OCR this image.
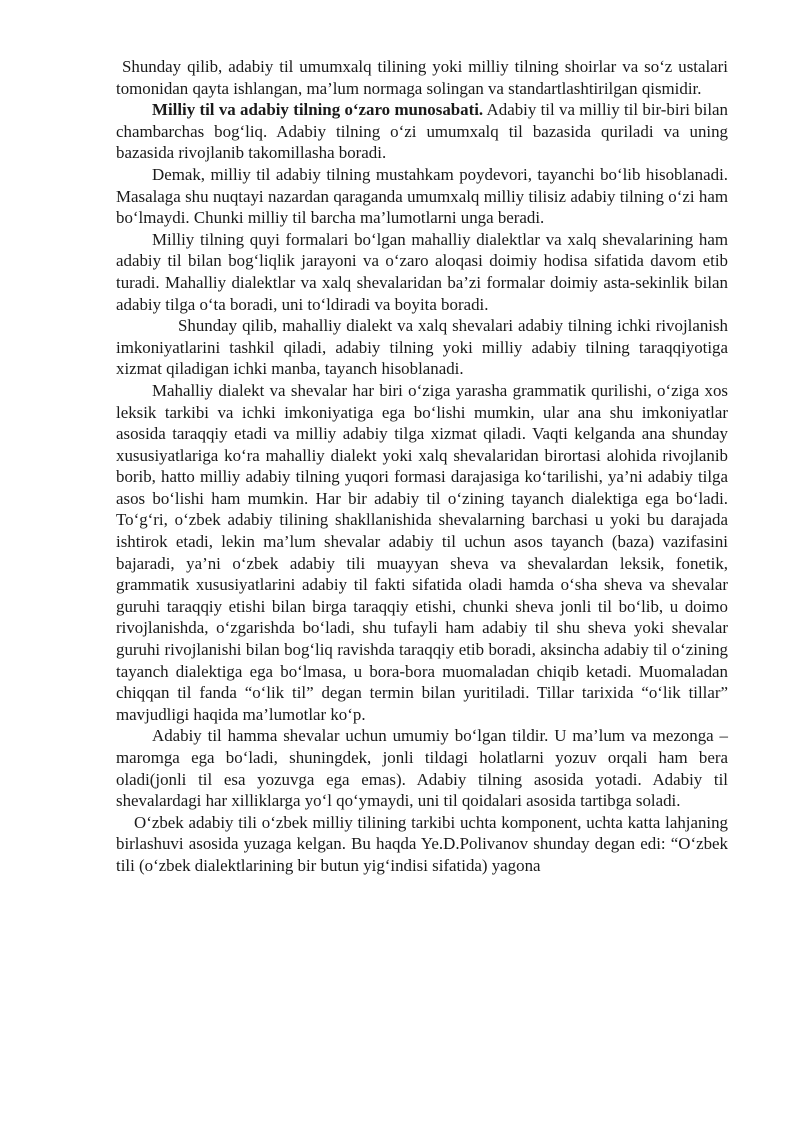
Shunday qilib, adabiy til umumxalq tilining yoki milliy tilning shoirlar va so‘z ustalari tomonidan qayta ishlangan, ma’lum normaga solingan va standartlashtirilgan qismidir.

Milliy til va adabiy tilning o‘zaro munosabati. Adabiy til va milliy til bir-biri bilan chambarchas bog‘liq. Adabiy tilning o‘zi umumxalq til bazasida quriladi va uning bazasida rivojlanib takomillasha boradi.

Demak, milliy til adabiy tilning mustahkam poydevori, tayanchi bo‘lib hisoblanadi. Masalaga shu nuqtayi nazardan qaraganda umumxalq milliy tilisiz adabiy tilning o‘zi ham bo‘lmaydi. Chunki milliy til barcha ma’lumotlarni unga beradi.

Milliy tilning quyi formalari bo‘lgan mahalliy dialektlar va xalq shevalarining ham adabiy til bilan bog‘liqlik jarayoni va o‘zaro aloqasi doimiy hodisa sifatida davom etib turadi. Mahalliy dialektlar va xalq shevalaridan ba’zi formalar doimiy asta-sekinlik bilan adabiy tilga o‘ta boradi, uni to‘ldiradi va boyita boradi.

Shunday qilib, mahalliy dialekt va xalq shevalari adabiy tilning ichki rivojlanish imkoniyatlarini tashkil qiladi, adabiy tilning yoki milliy adabiy tilning taraqqiyotiga xizmat qiladigan ichki manba, tayanch hisoblanadi.

Mahalliy dialekt va shevalar har biri o‘ziga yarasha grammatik qurilishi, o‘ziga xos leksik tarkibi va ichki imkoniyatiga ega bo‘lishi mumkin, ular ana shu imkoniyatlar asosida taraqqiy etadi va milliy adabiy tilga xizmat qiladi. Vaqti kelganda ana shunday xususiyatlariga ko‘ra mahalliy dialekt yoki xalq shevalaridan birortasi alohida rivojlanib borib, hatto milliy adabiy tilning yuqori formasi darajasiga ko‘tarilishi, ya’ni adabiy tilga asos bo‘lishi ham mumkin. Har bir adabiy til o‘zining tayanch dialektiga ega bo‘ladi. To‘g‘ri, o‘zbek adabiy tilining shakllanishida shevalarning barchasi u yoki bu darajada ishtirok etadi, lekin ma’lum shevalar adabiy til uchun asos tayanch (baza) vazifasini bajaradi, ya’ni o‘zbek adabiy tili muayyan sheva va shevalardan leksik, fonetik, grammatik xususiyatlarini adabiy til fakti sifatida oladi hamda o‘sha sheva va shevalar guruhi taraqqiy etishi bilan birga taraqqiy etishi, chunki sheva jonli til bo‘lib, u doimo rivojlanishda, o‘zgarishda bo‘ladi, shu tufayli ham adabiy til shu sheva yoki shevalar guruhi rivojlanishi bilan bog‘liq ravishda taraqqiy etib boradi, aksincha adabiy til o‘zining tayanch dialektiga ega bo‘lmasa, u bora-bora muomaladan chiqib ketadi. Muomaladan chiqqan til fanda “o‘lik til” degan termin bilan yuritiladi. Tillar tarixida “o‘lik tillar” mavjudligi haqida ma’lumotlar ko‘p.

Adabiy til hamma shevalar uchun umumiy bo‘lgan tildir. U ma’lum va mezonga – maromga ega bo‘ladi, shuningdek, jonli tildagi holatlarni yozuv orqali ham bera oladi(jonli til esa yozuvga ega emas). Adabiy tilning asosida yotadi. Adabiy til shevalardagi har xilliklarga yo‘l qo‘ymaydi, uni til qoidalari asosida tartibga soladi.

O‘zbek adabiy tili o‘zbek milliy tilining tarkibi uchta komponent, uchta katta lahjaning birlashuvi asosida yuzaga kelgan. Bu haqda Ye.D.Polivanov shunday degan edi: “O‘zbek tili (o‘zbek dialektlarining bir butun yig‘indisi sifatida) yagona
